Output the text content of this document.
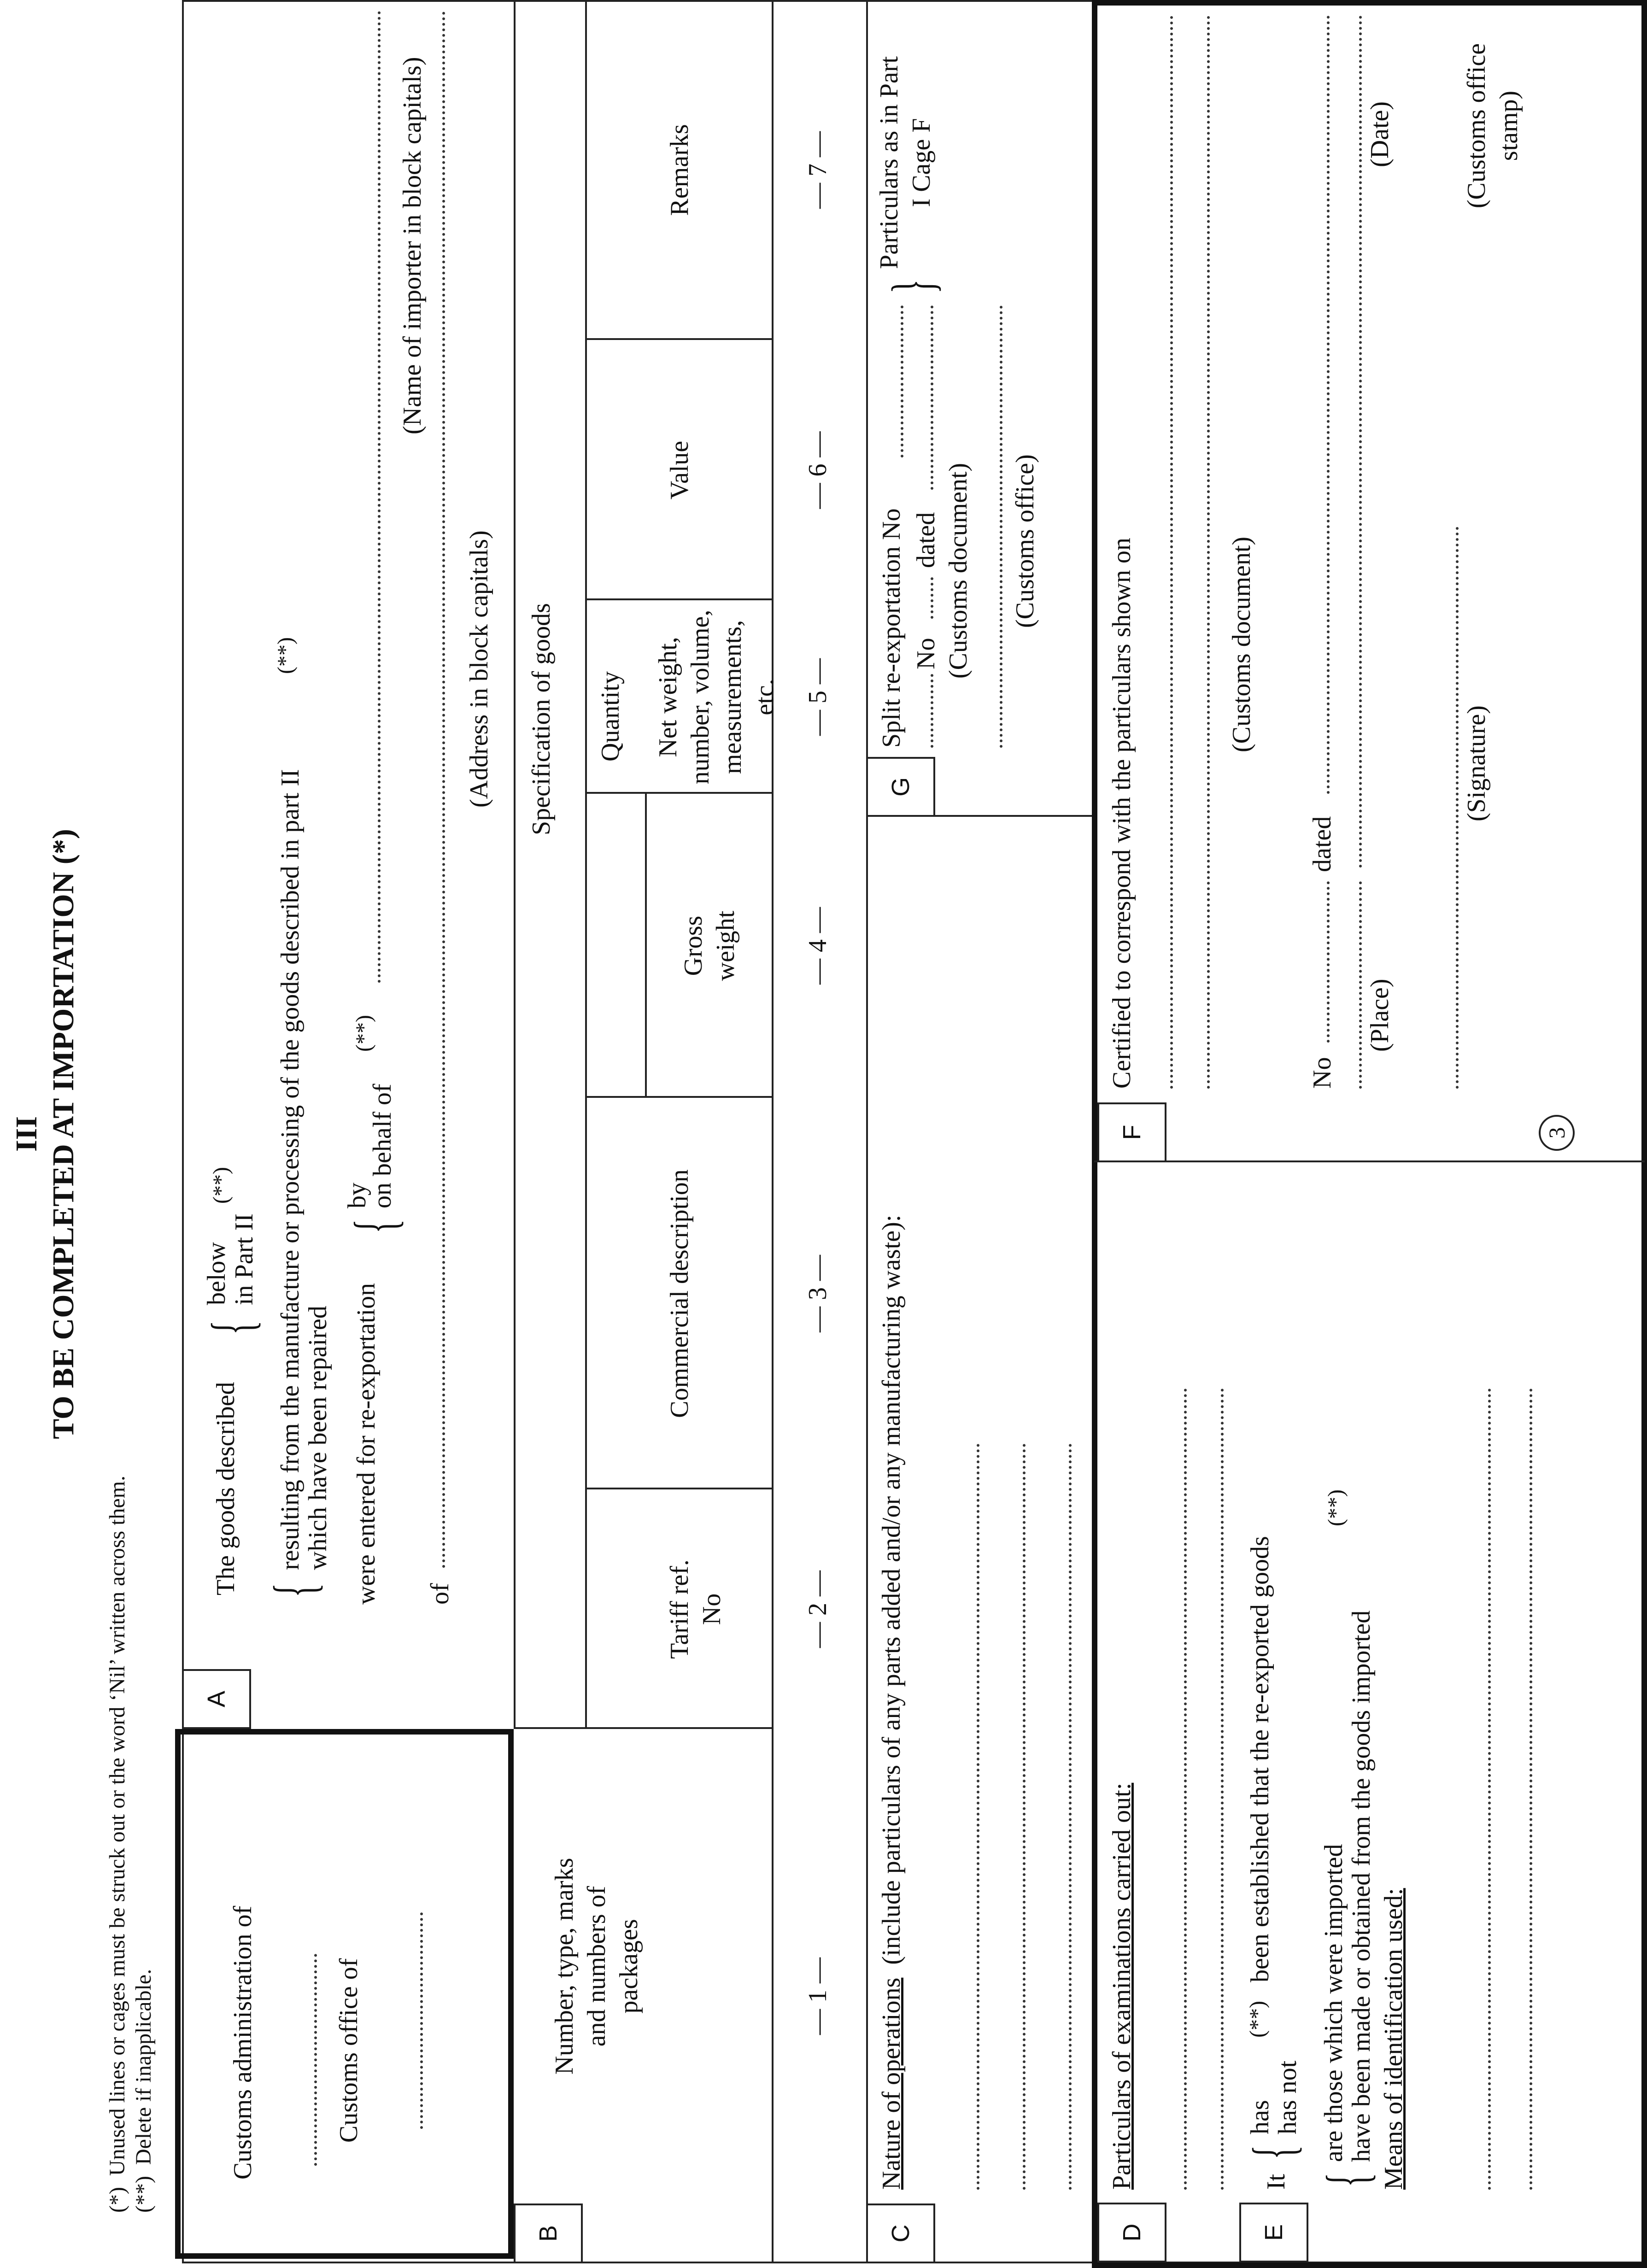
(*)  Unused lines or cages must be struck out or the word ‘Nil’ written across them.
(**)  Delete if inapplicable.
III TO BE COMPLETED AT IMPORTATION (*)
Customs administration of	Customs office of
A
The goods described
{
below
in Part II
(**)
{
resulting from the manufacture or processing of the goods described in part II
which have been repaired
(**)
were entered for re-exportation
{
by
on behalf of
(**)
(Name of importer in block capitals)
of
(Address in block capitals)
B
Specification of goods Quantity
Number, type, marks and numbers of packages
Tariff ref. No
Commercial description
Gross weight
Net weight, number, volume, measurements, etc.
Value
Remarks
— 1 —
— 2 —
— 3 —
— 4 —
— 5 —
— 6 —
— 7 —
C
Nature of operations  (include particulars of any parts added and/or any manufacturing waste):
G
Split re-exportation No No
dated (Customs document) (Customs office)
{
Particulars as in Part I Cage F
D
Particulars of examinations carried out:
E
It
{
has
has not
(**)
been established that the re-exported goods
{
are those which were imported
have been made or obtained from the goods imported
(**)
Means of identification used:
F
Certified to correspond with the particulars shown on	(Customs document)
No
dated
(Place)
(Date)
(Signature)
(Customs office stamp)
3
